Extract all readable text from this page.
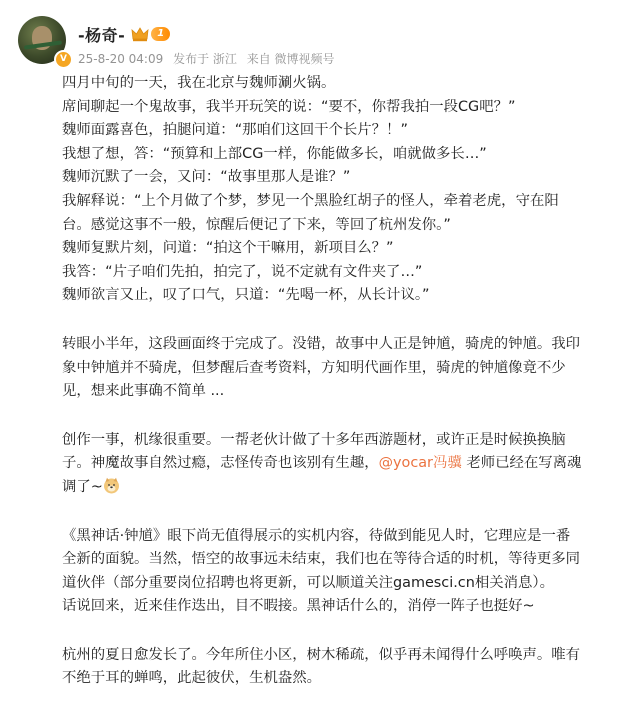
V
-杨奇-	1
25-8-20 04:09 发布于 浙江 来自 微博视频号

四月中旬的一天，我在北京与魏师涮火锅。

席间聊起一个鬼故事，我半开玩笑的说：“要不，你帮我拍一段CG吧？”

魏师面露喜色，拍腿问道：“那咱们这回干个长片？！”

我想了想，答：“预算和上部CG一样，你能做多长，咱就做多长…”

魏师沉默了一会，又问：“故事里那人是谁？”

我解释说：“上个月做了个梦，梦见一个黑脸红胡子的怪人，牵着老虎，守在阳

台。感觉这事不一般，惊醒后便记了下来，等回了杭州发你。”

魏师复默片刻，问道：“拍这个干嘛用，新项目么？”

我答：“片子咱们先拍，拍完了，说不定就有文件夹了…”

魏师欲言又止，叹了口气，只道：“先喝一杯，从长计议。”

转眼小半年，这段画面终于完成了。没错，故事中人正是钟馗，骑虎的钟馗。我印

象中钟馗并不骑虎，但梦醒后查考资料，方知明代画作里，骑虎的钟馗像竟不少

见，想来此事确不简单 ...

创作一事，机缘很重要。一帮老伙计做了十多年西游题材，或许正是时候换换脑

子。神魔故事自然过瘾，志怪传奇也该别有生趣，@yocar冯骥 老师已经在写离魂

调了~

《黑神话·钟馗》眼下尚无值得展示的实机内容，待做到能见人时，它理应是一番

全新的面貌。当然，悟空的故事远未结束，我们也在等待合适的时机，等待更多同

道伙伴（部分重要岗位招聘也将更新，可以顺道关注gamesci.cn相关消息）。

话说回来，近来佳作迭出，目不暇接。黑神话什么的，消停一阵子也挺好~

杭州的夏日愈发长了。今年所住小区，树木稀疏，似乎再未闻得什么呼唤声。唯有

不绝于耳的蝉鸣，此起彼伏，生机盎然。
